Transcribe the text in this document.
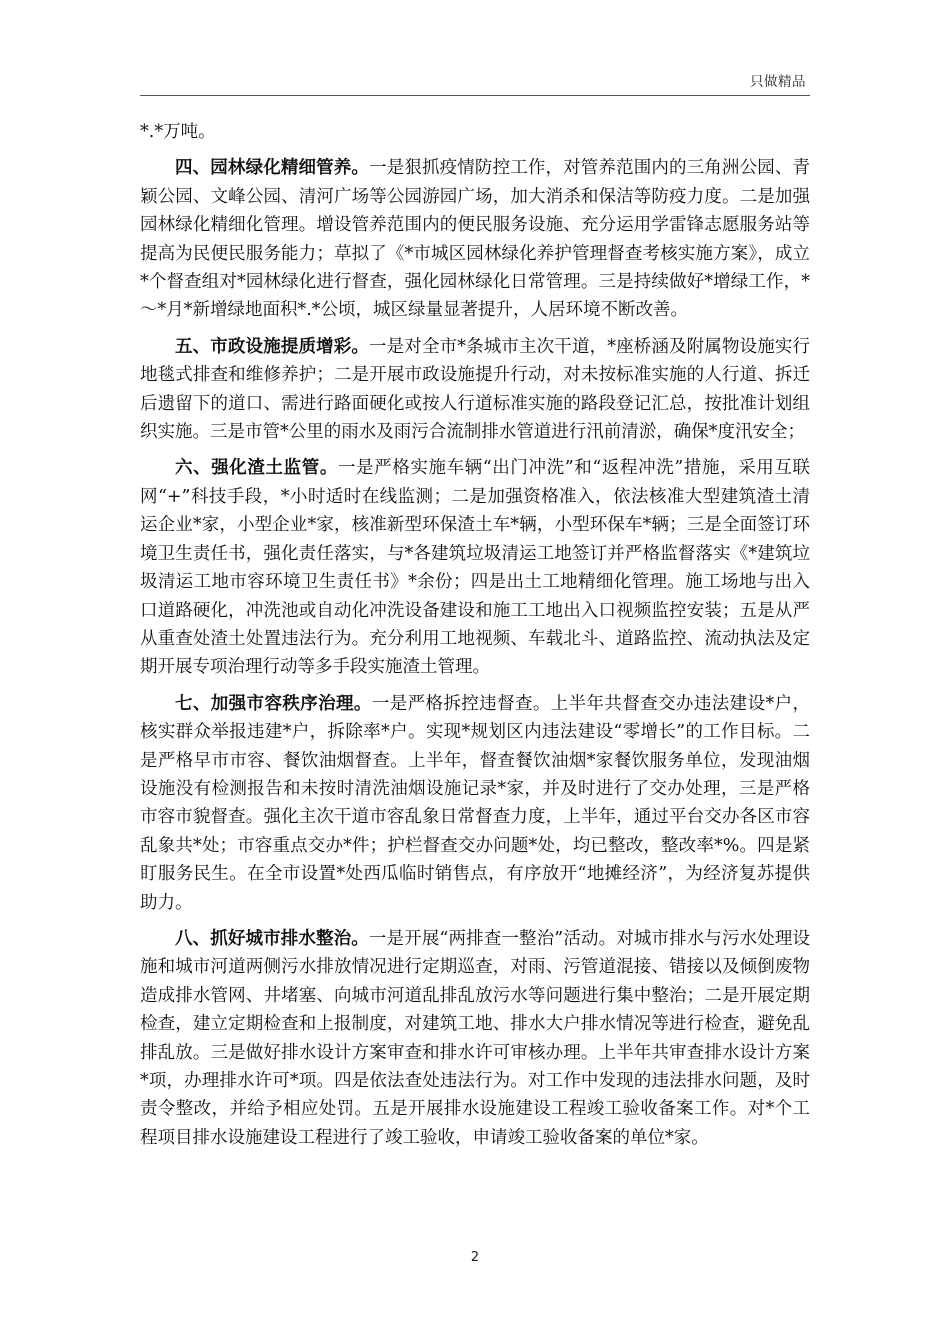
只做精品

*.*万吨。

四、园林绿化精细管养。一是狠抓疫情防控工作，对管养范围内的三角洲公园、青颖公园、文峰公园、清河广场等公园游园广场，加大消杀和保洁等防疫力度。二是加强园林绿化精细化管理。增设管养范围内的便民服务设施、充分运用学雷锋志愿服务站等提高为民便民服务能力；草拟了《*市城区园林绿化养护管理督查考核实施方案》，成立*个督查组对*园林绿化进行督查，强化园林绿化日常管理。三是持续做好*增绿工作，*～*月*新增绿地面积*.*公顷，城区绿量显著提升，人居环境不断改善。

五、市政设施提质增彩。一是对全市*条城市主次干道，*座桥涵及附属物设施实行地毯式排查和维修养护；二是开展市政设施提升行动，对未按标准实施的人行道、拆迁后遗留下的道口、需进行路面硬化或按人行道标准实施的路段登记汇总，按批准计划组织实施。三是市管*公里的雨水及雨污合流制排水管道进行汛前清淤，确保*度汛安全；

六、强化渣土监管。一是严格实施车辆“出门冲洗”和“返程冲洗”措施，采用互联网“+”科技手段，*小时适时在线监测；二是加强资格准入，依法核准大型建筑渣土清运企业*家，小型企业*家，核准新型环保渣土车*辆，小型环保车*辆；三是全面签订环境卫生责任书，强化责任落实，与*各建筑垃圾清运工地签订并严格监督落实《*建筑垃圾清运工地市容环境卫生责任书》*余份；四是出土工地精细化管理。施工场地与出入口道路硬化，冲洗池或自动化冲洗设备建设和施工工地出入口视频监控安装；五是从严从重查处渣土处置违法行为。充分利用工地视频、车载北斗、道路监控、流动执法及定期开展专项治理行动等多手段实施渣土管理。

七、加强市容秩序治理。一是严格拆控违督查。上半年共督查交办违法建设*户，核实群众举报违建*户，拆除率*户。实现*规划区内违法建设“零增长”的工作目标。二是严格早市市容、餐饮油烟督查。上半年，督查餐饮油烟*家餐饮服务单位，发现油烟设施没有检测报告和未按时清洗油烟设施记录*家，并及时进行了交办处理，三是严格市容市貌督查。强化主次干道市容乱象日常督查力度，上半年，通过平台交办各区市容乱象共*处；市容重点交办*件；护栏督查交办问题*处，均已整改，整改率*%。四是紧盯服务民生。在全市设置*处西瓜临时销售点，有序放开“地摊经济”，为经济复苏提供助力。

八、抓好城市排水整治。一是开展“两排查一整治”活动。对城市排水与污水处理设施和城市河道两侧污水排放情况进行定期巡查，对雨、污管道混接、错接以及倾倒废物造成排水管网、井堵塞、向城市河道乱排乱放污水等问题进行集中整治；二是开展定期检查，建立定期检查和上报制度，对建筑工地、排水大户排水情况等进行检查，避免乱排乱放。三是做好排水设计方案审查和排水许可审核办理。上半年共审查排水设计方案*项，办理排水许可*项。四是依法查处违法行为。对工作中发现的违法排水问题，及时责令整改，并给予相应处罚。五是开展排水设施建设工程竣工验收备案工作。对*个工程项目排水设施建设工程进行了竣工验收，申请竣工验收备案的单位*家。

2
